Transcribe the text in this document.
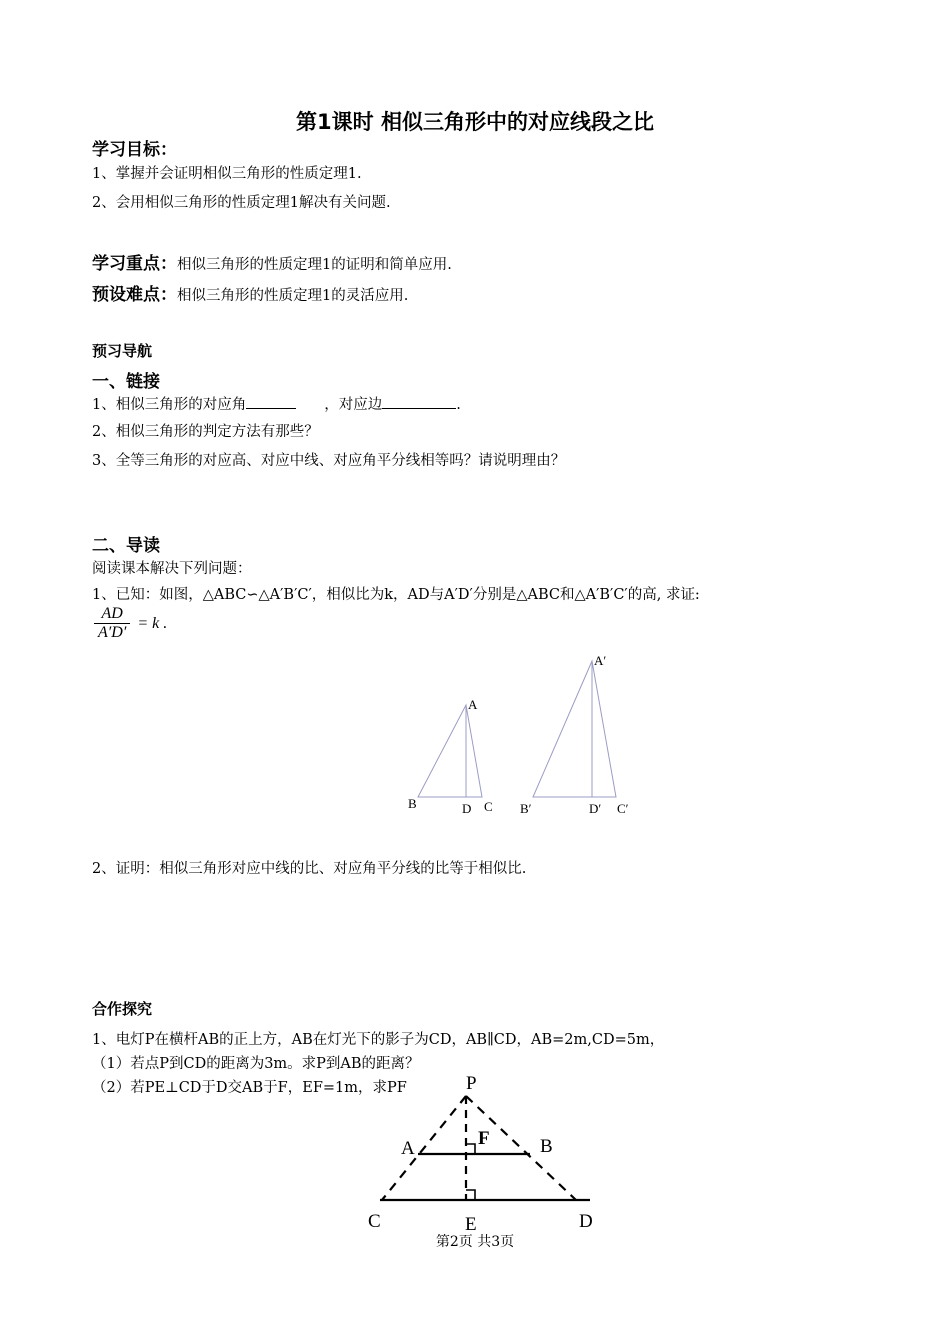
第1课时 相似三角形中的对应线段之比
学习目标：
1、掌握并会证明相似三角形的性质定理1.
2、会用相似三角形的性质定理1解决有关问题.
学习重点：相似三角形的性质定理1的证明和简单应用.
预设难点：相似三角形的性质定理1的灵活应用.
预习导航
一、链接
1、相似三角形的对应角	，对应边	.
2、相似三角形的判定方法有那些？
3、全等三角形的对应高、对应中线、对应角平分线相等吗？请说明理由？
二、导读
阅读课本解决下列问题：
1、已知：如图，△ABC∽△A′B′C′，相似比为k，AD与A′D′分别是△ABC和△A′B′C′的高, 求证:
$\frac{AD}{A'D'} = k$ .
A
B	D C
A′
B′	D′ C′
2、证明：相似三角形对应中线的比、对应角平分线的比等于相似比.
合作探究
1、电灯P在横杆AB的正上方，AB在灯光下的影子为CD，AB∥CD，AB=2m,CD=5m，
（1）若点P到CD的距离为3m。求P到AB的距离？
（2）若PE⊥CD于D交AB于F，EF=1m，求PF	P
A	F	B
C	E	D
第2页 共3页
